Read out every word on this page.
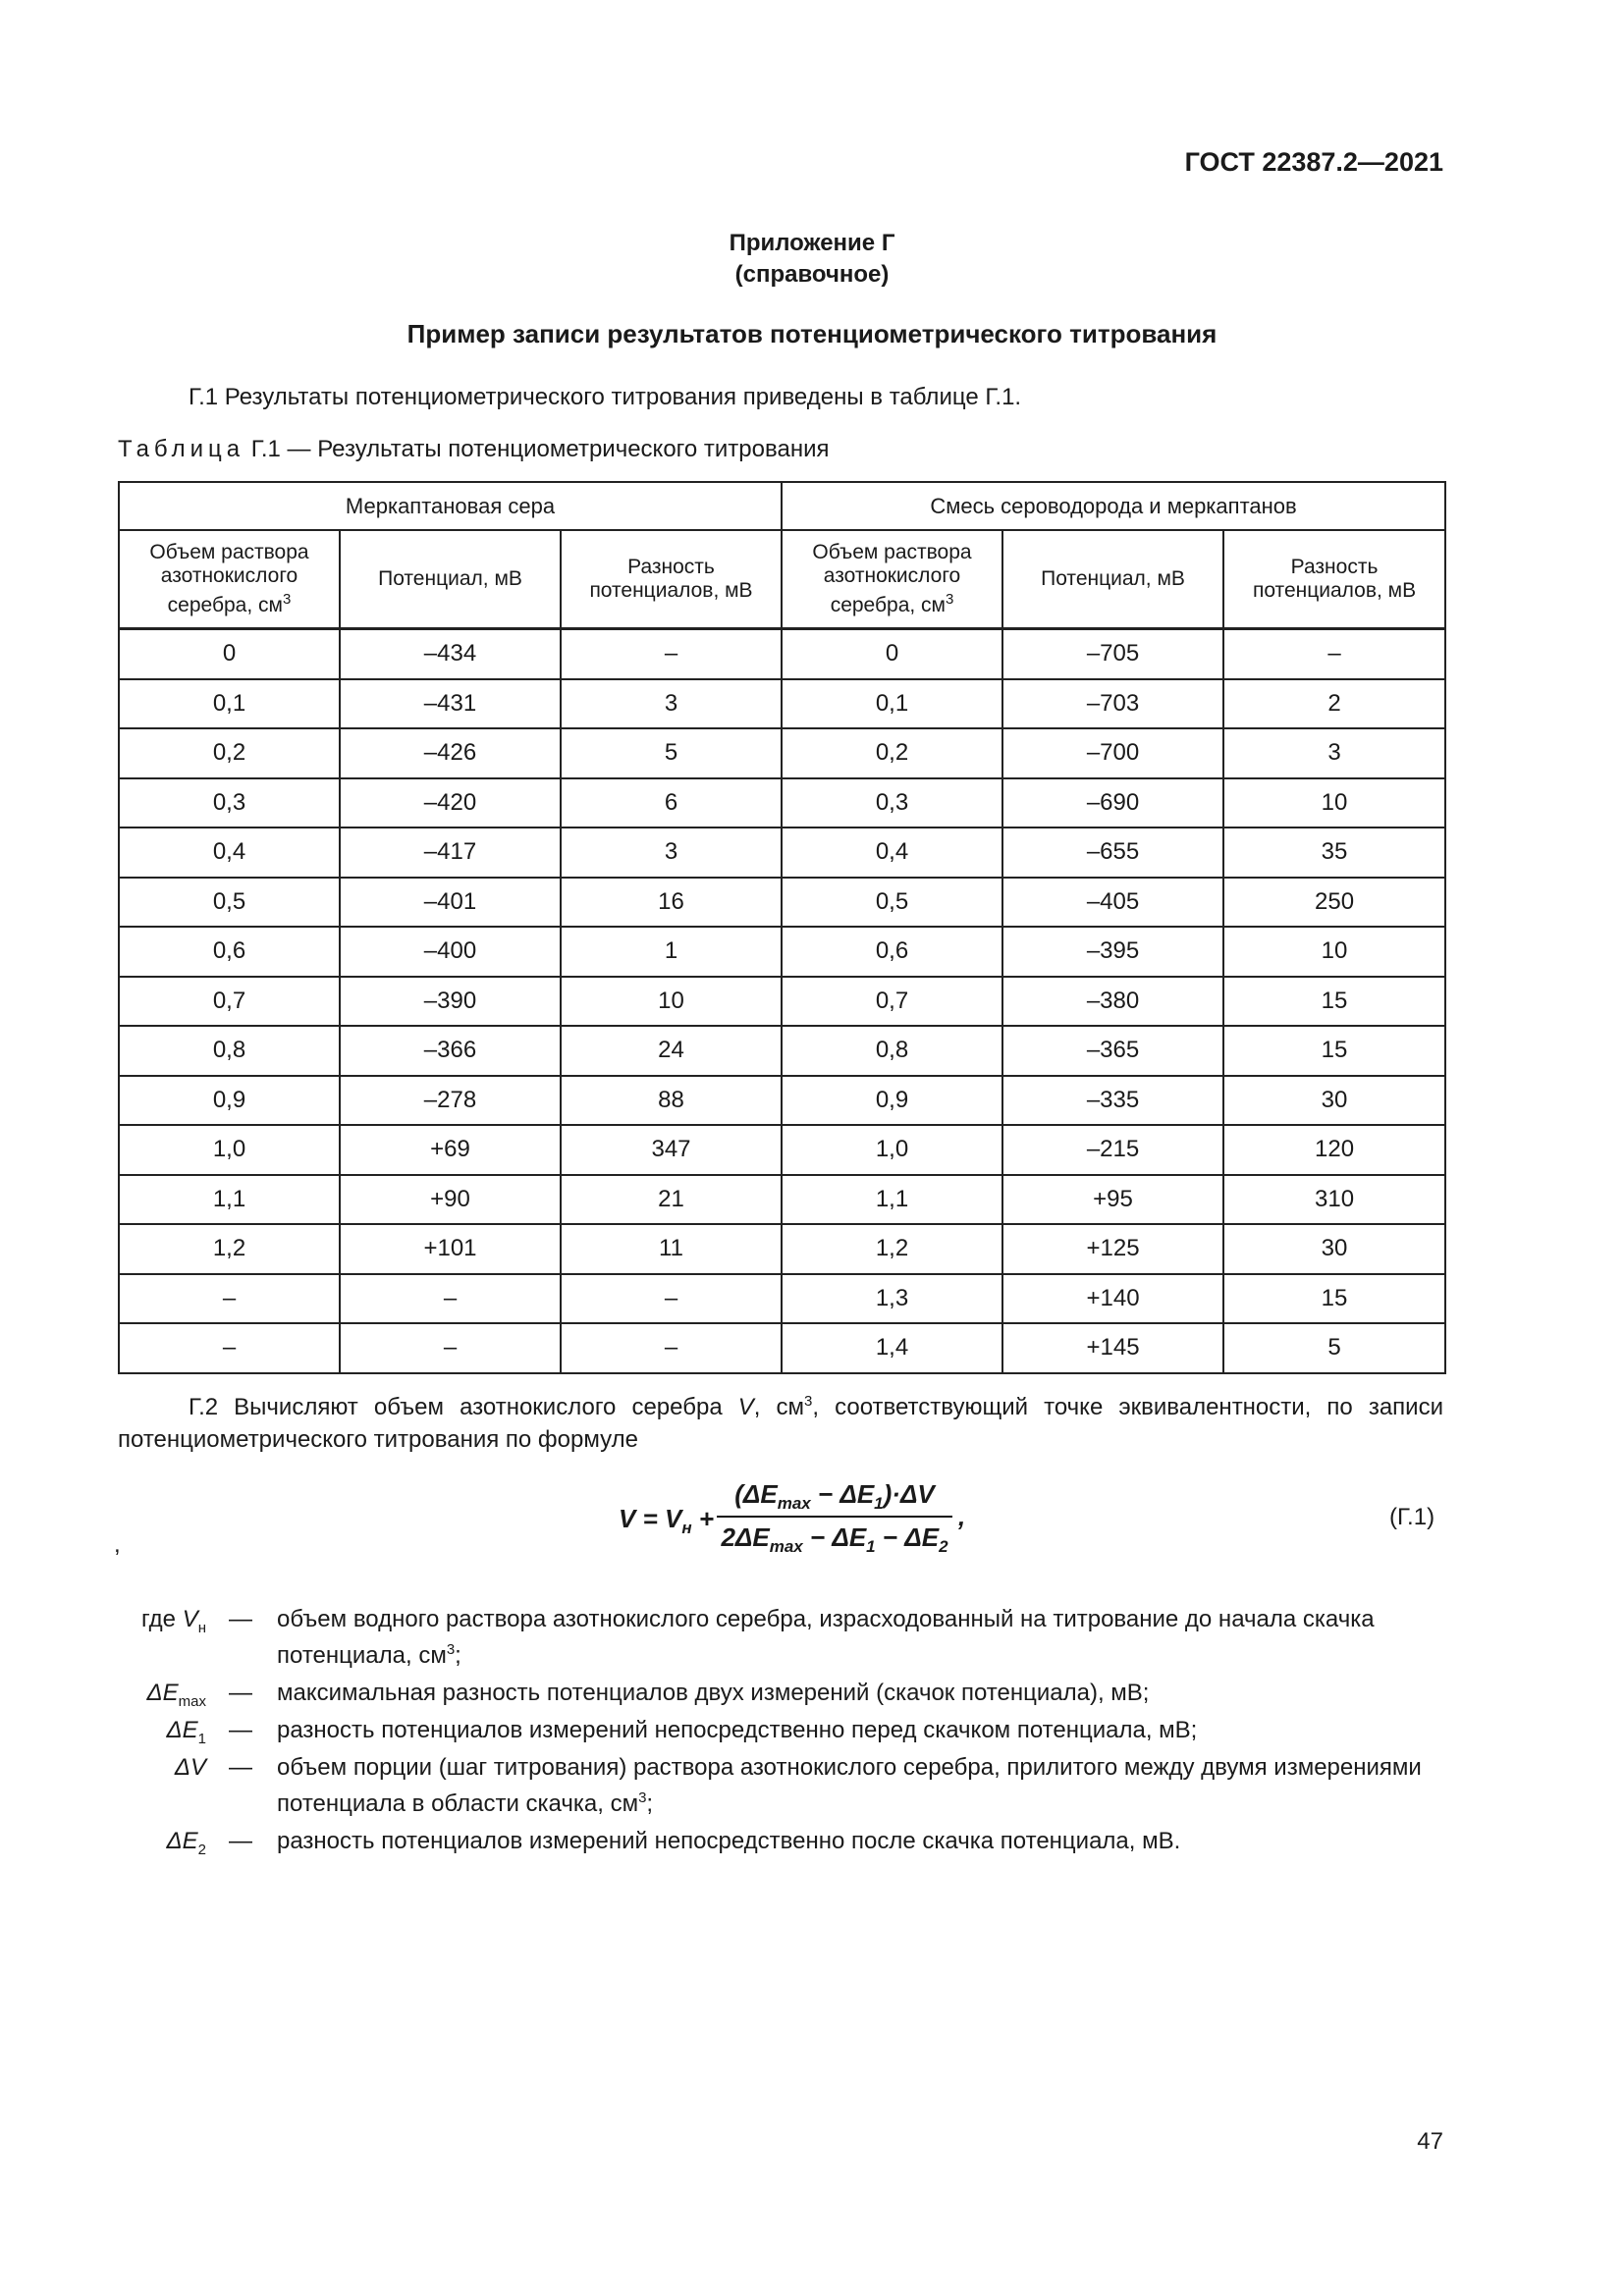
ГОСТ 22387.2—2021
Приложение Г
(справочное)
Пример записи результатов потенциометрического титрования
Г.1 Результаты потенциометрического титрования приведены в таблице Г.1.
Таблица Г.1 — Результаты потенциометрического титрования
Меркаптановая сера			Смесь сероводорода и меркаптанов		
Объем раствора азотнокислого серебра, $см^3$	Потенциал, мВ	Разность потенциалов, мВ	Объем раствора азотнокислого серебра, $см^3$	Потенциал, мВ	Разность потенциалов, мВ
0	–434	–	0	–705	–
0,1	–431	3	0,1	–703	2
0,2	–426	5	0,2	–700	3
0,3	–420	6	0,3	–690	10
0,4	–417	3	0,4	–655	35
0,5	–401	16	0,5	–405	250
0,6	–400	1	0,6	–395	10
0,7	–390	10	0,7	–380	15
0,8	–366	24	0,8	–365	15
0,9	–278	88	0,9	–335	30
1,0	+69	347	1,0	–215	120
1,1	+90	21	1,1	+95	310
1,2	+101	11	1,2	+125	30
–	–	–	1,3	+140	15
–	–	–	1,4	+145	5
Г.2 Вычисляют объем азотнокислого серебра V, $см^3$, соответствующий точке эквивалентности, по записи потенциометрического титрования по формуле
$V = V_н$ +
$(\Delta E_{max} - \Delta E_1)\cdot\Delta V$
$2\Delta E_{max} - \Delta E_1 - \Delta E_2$
,	(Г.1)
,
где $V_н$ —	объем водного раствора азотнокислого серебра, израсходованный на титрование до начала скачка потенциала, $см^3$;
$\Delta E_{max}$ —	максимальная разность потенциалов двух измерений (скачок потенциала), мВ;
$\Delta E_1$ —	разность потенциалов измерений непосредственно перед скачком потенциала, мВ;
ΔV —	объем порции (шаг титрования) раствора азотнокислого серебра, прилитого между двумя измерениями потенциала в области скачка, $см^3$;
$\Delta E_2$ —	разность потенциалов измерений непосредственно после скачка потенциала, мВ.
47
